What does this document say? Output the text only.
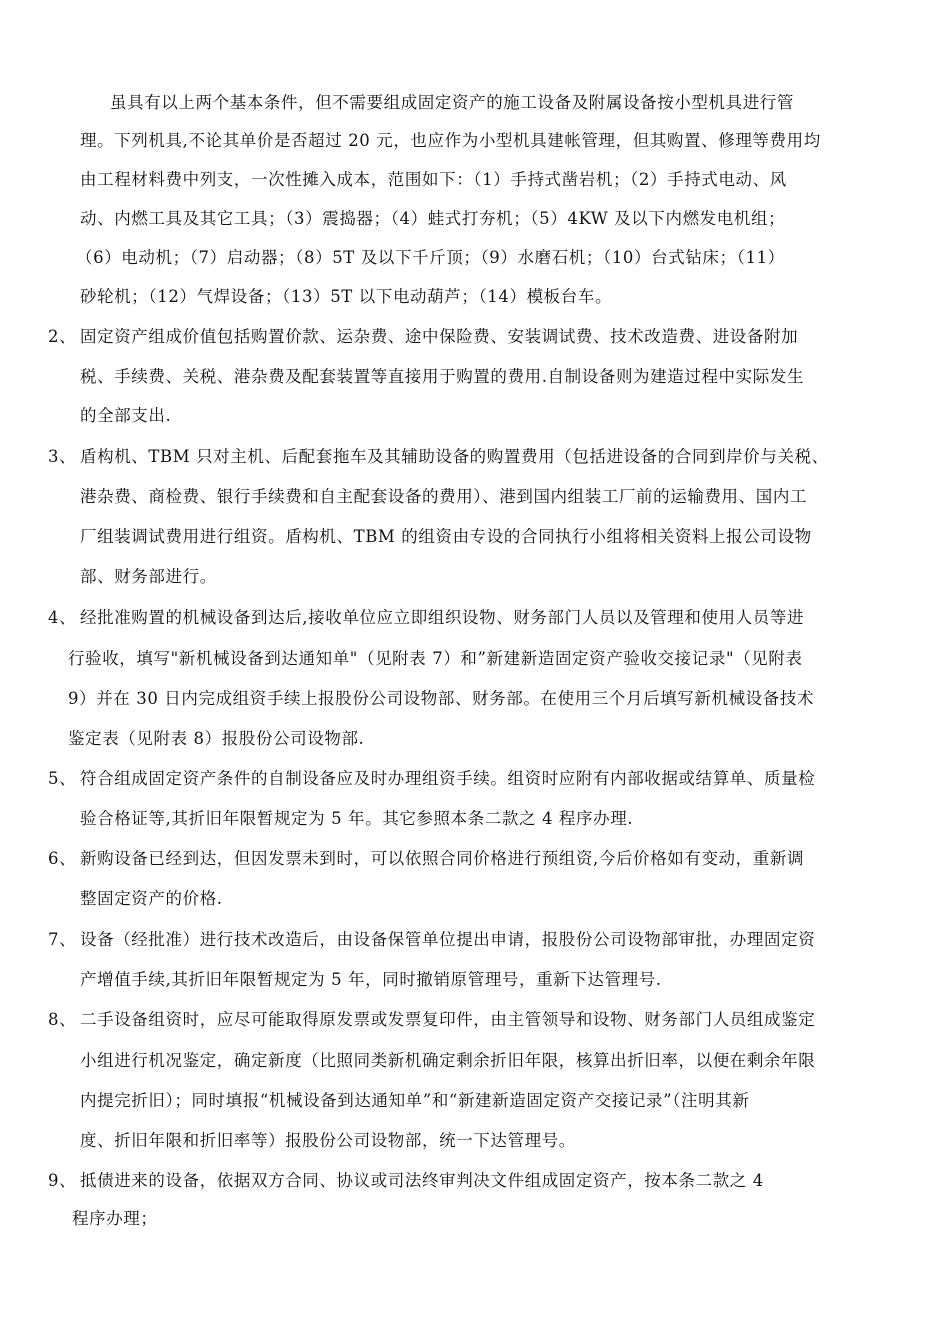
虽具有以上两个基本条件，但不需要组成固定资产的施工设备及附属设备按小型机具进行管
理。下列机具,不论其单价是否超过 20 元，也应作为小型机具建帐管理，但其购置、修理等费用均
由工程材料费中列支，一次性摊入成本，范围如下：（1）手持式凿岩机；（2）手持式电动、风
动、内燃工具及其它工具；（3）震捣器；（4）蛙式打夯机；（5）4KW 及以下内燃发电机组；
（6）电动机；（7）启动器；（8）5T 及以下千斤顶；（9）水磨石机；（10）台式钻床；（11）
砂轮机；（12）气焊设备；（13）5T 以下电动葫芦；（14）模板台车。
2、 固定资产组成价值包括购置价款、运杂费、途中保险费、安装调试费、技术改造费、进设备附加
税、手续费、关税、港杂费及配套装置等直接用于购置的费用.自制设备则为建造过程中实际发生
的全部支出.
3、 盾构机、TBM 只对主机、后配套拖车及其辅助设备的购置费用（包括进设备的合同到岸价与关税、
港杂费、商检费、银行手续费和自主配套设备的费用）、港到国内组装工厂前的运输费用、国内工
厂组装调试费用进行组资。盾构机、TBM 的组资由专设的合同执行小组将相关资料上报公司设物
部、财务部进行。
4、 经批准购置的机械设备到达后,接收单位应立即组织设物、财务部门人员以及管理和使用人员等进
行验收，填写"新机械设备到达通知单"（见附表 7）和”新建新造固定资产验收交接记录"（见附表
9）并在 30 日内完成组资手续上报股份公司设物部、财务部。在使用三个月后填写新机械设备技术
鉴定表（见附表 8）报股份公司设物部.
5、 符合组成固定资产条件的自制设备应及时办理组资手续。组资时应附有内部收据或结算单、质量检
验合格证等,其折旧年限暂规定为 5 年。其它参照本条二款之 4 程序办理.
6、 新购设备已经到达，但因发票未到时，可以依照合同价格进行预组资,今后价格如有变动，重新调
整固定资产的价格.
7、 设备（经批准）进行技术改造后，由设备保管单位提出申请，报股份公司设物部审批，办理固定资
产增值手续,其折旧年限暂规定为 5 年，同时撤销原管理号，重新下达管理号.
8、 二手设备组资时，应尽可能取得原发票或发票复印件，由主管领导和设物、财务部门人员组成鉴定
小组进行机况鉴定，确定新度（比照同类新机确定剩余折旧年限，核算出折旧率，以便在剩余年限
内提完折旧）；同时填报“机械设备到达通知单”和“新建新造固定资产交接记录”（注明其新
度、折旧年限和折旧率等）报股份公司设物部，统一下达管理号。
9、 抵债进来的设备，依据双方合同、协议或司法终审判决文件组成固定资产，按本条二款之 4
程序办理；
